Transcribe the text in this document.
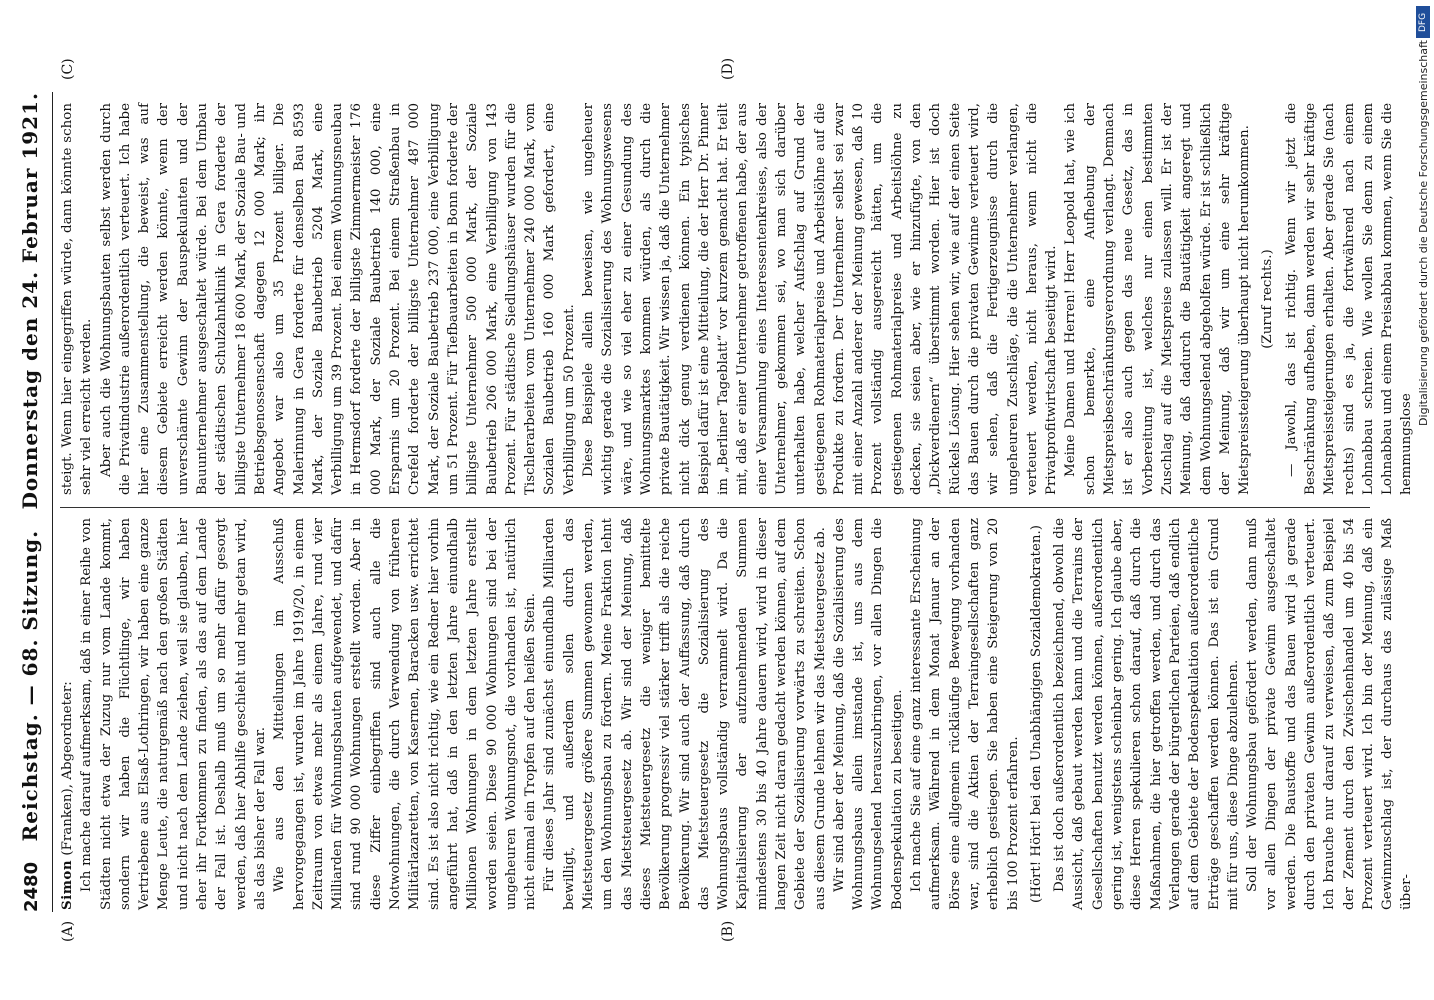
2480
Reichstag. — 68. Sitzung.
Donnerstag den 24. Februar 1921.
(A)	(B)
(C)	(D)

Simon (Franken), Abgeordneter: Ich mache darauf aufmerksam, daß in einer Reihe von Städten nicht etwa der Zuzug nur vom Lande kommt, sondern wir haben die Flüchtlinge, wir haben Vertriebene aus Elsaß-Lothringen, wir haben eine ganze Menge Leute, die naturgemäß nach den großen Städten und nicht nach dem Lande ziehen, weil sie glauben, hier eher ihr Fortkommen zu finden, als das auf dem Lande der Fall ist. Deshalb muß um so mehr dafür gesorgt werden, daß hier Abhilfe geschieht und mehr getan wird, als das bisher der Fall war. Wie aus den Mitteilungen im Ausschuß hervorgegangen ist, wurden im Jahre 1919/20, in einem Zeitraum von etwas mehr als einem Jahre, rund vier Milliarden für Wohnungsbauten aufgewendet, und dafür sind rund 90 000 Wohnungen erstellt worden. Aber in diese Ziffer einbegriffen sind auch alle die Notwohnungen, die durch Verwendung von früheren Militärlazaretten, von Kasernen, Baracken usw. errichtet sind. Es ist also nicht richtig, wie ein Redner hier vorhin angeführt hat, daß in den letzten Jahre einundhalb Millionen Wohnungen in dem letzten Jahre erstellt worden seien. Diese 90 000 Wohnungen sind bei der ungeheuren Wohnungsnot, die vorhanden ist, natürlich nicht einmal ein Tropfen auf den heißen Stein. Für dieses Jahr sind zunächst einundhalb Milliarden bewilligt, und außerdem sollen durch das Mietsteuergesetz größere Summen gewonnen werden, um den Wohnungsbau zu fördern. Meine Fraktion lehnt das Mietsteuergesetz ab. Wir sind der Meinung, daß dieses Mietsteuergesetz die weniger bemittelte Bevölkerung progressiv viel stärker trifft als die reiche Bevölkerung. Wir sind auch der Auffassung, daß durch das Mietsteuergesetz die Sozialisierung des Wohnungsbaus vollständig verrammelt wird. Da die Kapitalisierung der aufzunehmenden Summen mindestens 30 bis 40 Jahre dauern wird, wird in dieser langen Zeit nicht daran gedacht werden können, auf dem Gebiete der Sozialisierung vorwärts zu schreiten. Schon aus diesem Grunde lehnen wir das Mietsteuergesetz ab. Wir sind aber der Meinung, daß die Sozialisierung des Wohnungsbaus allein imstande ist, uns aus dem Wohnungselend herauszubringen, vor allen Dingen die Bodenspekulation zu beseitigen. Ich mache Sie auf eine ganz interessante Erscheinung aufmerksam. Während in dem Monat Januar an der Börse eine allgemein rückläufige Bewegung vorhanden war, sind die Aktien der Terraingesellschaften ganz erheblich gestiegen. Sie haben eine Steigerung von 20 bis 100 Prozent erfahren. (Hört! Hört! bei den Unabhängigen Sozialdemokraten.) Das ist doch außerordentlich bezeichnend, obwohl die Aussicht, daß gebaut werden kann und die Terrains der Gesellschaften benutzt werden können, außerordentlich gering ist, wenigstens scheinbar gering. Ich glaube aber, diese Herren spekulieren schon darauf, daß durch die Maßnahmen, die hier getroffen werden, und durch das Verlangen gerade der bürgerlichen Parteien, daß endlich auf dem Gebiete der Bodenspekulation außerordentliche Erträge geschaffen werden können. Das ist ein Grund mit für uns, diese Dinge abzulehnen. Soll der Wohnungsbau gefördert werden, dann muß vor allen Dingen der private Gewinn ausgeschaltet werden. Die Baustoffe und das Bauen wird ja gerade durch den privaten Gewinn außerordentlich verteuert. Ich brauche nur darauf zu verweisen, daß zum Beispiel der Zement durch den Zwischenhandel um 40 bis 54 Prozent verteuert wird. Ich bin der Meinung, daß ein Gewinnzuschlag ist, der durchaus das zulässige Maß über-

steigt. Wenn hier eingegriffen würde, dann könnte schon sehr viel erreicht werden. Aber auch die Wohnungsbauten selbst werden durch die Privatindustrie außerordentlich verteuert. Ich habe hier eine Zusammenstellung, die beweist, was auf diesem Gebiete erreicht werden könnte, wenn der unverschämte Gewinn der Bauspekulanten und der Bauunternehmer ausgeschaltet würde. Bei dem Umbau der städtischen Schulzahnklinik in Gera forderte der billigste Unternehmer 18 600 Mark, der Soziale Bau- und Betriebsgenossenschaft dagegen 12 000 Mark; ihr Angebot war also um 35 Prozent billiger. Die Malerinnung in Gera forderte für denselben Bau 8593 Mark, der Soziale Baubetrieb 5204 Mark, eine Verbilligung um 39 Prozent. Bei einem Wohnungsneubau in Hermsdorf forderte der billigste Zimmermeister 176 000 Mark, der Soziale Baubetrieb 140 000, eine Ersparnis um 20 Prozent. Bei einem Straßenbau in Crefeld forderte der billigste Unternehmer 487 000 Mark, der Soziale Baubetrieb 237 000, eine Verbilligung um 51 Prozent. Für Tiefbauarbeiten in Bonn forderte der billigste Unternehmer 500 000 Mark, der Soziale Baubetrieb 206 000 Mark, eine Verbilligung von 143 Prozent. Für städtische Siedlungshäuser wurden für die Tischlerarbeiten vom Unternehmer 240 000 Mark, vom Sozialen Baubetrieb 160 000 Mark gefordert, eine Verbilligung um 50 Prozent. Diese Beispiele allein beweisen, wie ungeheuer wichtig gerade die Sozialisierung des Wohnungswesens wäre, und wie so viel eher zu einer Gesundung des Wohnungsmarktes kommen würden, als durch die private Bautätigkeit. Wir wissen ja, daß die Unternehmer nicht dick genug verdienen können. Ein typisches Beispiel dafür ist eine Mitteilung, die der Herr Dr. Pinner im „Berliner Tageblatt“ vor kurzem gemacht hat. Er teilt mit, daß er einer Unternehmer getroffenen habe, der aus einer Versammlung eines Interessentenkreises, also der Unternehmer, gekommen sei, wo man sich darüber unterhalten habe, welcher Aufschlag auf Grund der gestiegenen Rohmaterialpreise und Arbeitslöhne auf die Produkte zu fordern. Der Unternehmer selbst sei zwar mit einer Anzahl anderer der Meinung gewesen, daß 10 Prozent vollständig ausgereicht hätten, um die gestiegenen Rohmaterialpreise und Arbeitslöhne zu decken, sie seien aber, wie er hinzufügte, von den „Dickverdienern“ überstimmt worden. Hier ist doch Rückels Lösung. Hier sehen wir, wie auf der einen Seite das Bauen durch die privaten Gewinne verteuert wird, wir sehen, daß die Fertigerzeugnisse durch die ungeheuren Zuschläge, die die Unternehmer verlangen, verteuert werden, nicht heraus, wenn nicht die Privatprofitwirtschaft beseitigt wird. Meine Damen und Herren! Herr Leopold hat, wie ich schon bemerkte, eine Aufhebung der Mietspreisbeschränkungsverordnung verlangt. Demnach ist er also auch gegen das neue Gesetz, das in Vorbereitung ist, welches nur einen bestimmten Zuschlag auf die Mietspreise zulassen will. Er ist der Meinung, daß dadurch die Bautätigkeit angeregt und dem Wohnungselend abgeholfen würde. Er ist schließlich der Meinung, daß wir um eine sehr kräftige Mietspreissteigerung überhaupt nicht herumkommen. (Zuruf rechts.) — Jawohl, das ist richtig. Wenn wir jetzt die Beschränkung aufheben, dann werden wir sehr kräftige Mietspreissteigerungen erhalten. Aber gerade Sie (nach rechts) sind es ja, die fortwährend nach einem Lohnabbau schreien. Wie wollen Sie denn zu einem Lohnabbau und einem Preisabbau kommen, wenn Sie die hemmungslose

DFG
Digitalisierung gefördert durch die Deutsche Forschungsgemeinschaft
